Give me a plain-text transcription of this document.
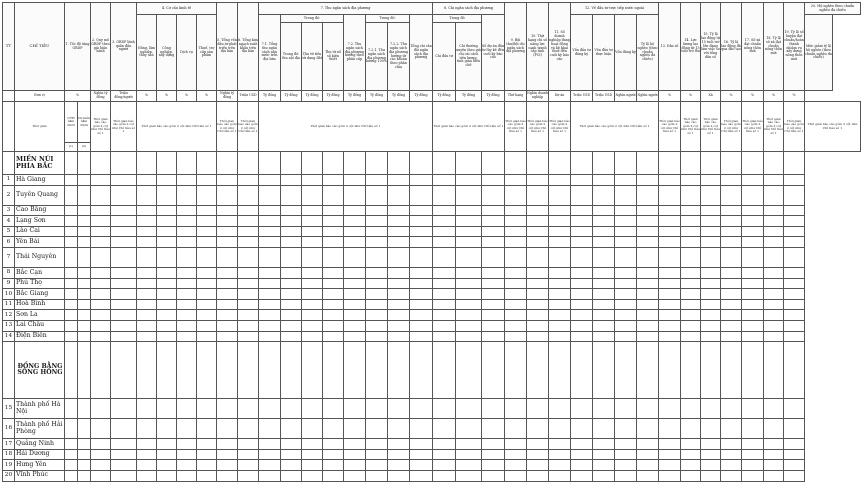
TT	CHỈ TIÊU	1. Tốc độ tăng GRDP		2. Quy mô GRDP theo giá hiện hành	3. GRDP bình quân đầu người	4. Cơ cấu kinh tế				5. Tổng vốn đầu tư phát triển trên địa bàn	6. Tổng kim ngạch xuất khẩu trên địa bàn	7. Thu ngân sách địa phương								8. Chi ngân sách địa phương			9. Bội thu/Bội chi ngân sách địa phương	10. Thứ hạng chỉ số năng lực cạnh tranh cấp tỉnh (PCI)	11. Số doanh nghiệp đang hoạt động và kê khai thuế đến cuối kỳ báo cáo	12. Về đầu tư trực tiếp nước ngoài				13. Dân số	14. Lực lượng lao động từ 15 tuổi trở lên	15. Tỷ lệ lao động từ 15 tuổi trở lên đang làm việc so với tổng dân số	16. Tỷ lệ lao động đã qua đào tạo	17. Số xã đạt chuẩn nông thôn mới	18. Tỷ lệ số xã đạt chuẩn nông thôn mới	19. Tỷ lệ số huyện đạt chuẩn/hoàn thành nhiệm vụ xây dựng nông thôn mới	20. Hộ nghèo theo chuẩn nghèo đa chiều
						Nông, lâm nghiệp, thủy sản	Công nghiệp, xây dựng	Dịch vụ	Thuế, trợ cấp sản phẩm			7.1. Tổng thu ngân sách nhà nước trên địa bàn	Trong đó:			7.2. Thu ngân sách địa phương hưởng theo phân cấp	Trong đó:		Tổng chi cân đối ngân sách địa phương	Trong đó		Số dự án đầu tư lũy kế đến cuối kỳ báo cáo				Vốn đầu tư đăng ký	Vốn đầu tư thực hiện	Vốn đăng ký	Tỷ lệ hộ nghèo (theo chuẩn nghèo đa chiều)								Mức giảm tỷ lệ hộ nghèo (theo chuẩn nghèo đa chiều)
													Trong đó: thu nội địa	Thu từ tiền sử dụng đất	Thu từ xổ số kiến thiết		7.2.1. Thu ngân sách địa phương hưởng 100%	7.2.2. Thu ngân sách địa phương hưởng từ các khoản theo phân chia		Chi đầu tư	Chi thường xuyên theo giá chi cải cách tiền lương, tinh giản biên chế																
	Đơn vị	%		Nghìn tỷ đồng	Triệu đồng/người	%	%	%	%	Nghìn tỷ đồng	Triệu USD	Tỷ đồng	Tỷ đồng	Tỷ đồng	Tỷ đồng	Tỷ đồng	Tỷ đồng	Tỷ đồng	Tỷ đồng	Tỷ đồng	Tỷ đồng	Tỷ đồng	Thứ hạng	Nghìn doanh nghiệp	Dự án	Triệu USD	Triệu USD	Nghìn người	Nghìn người	%	%	Xã	%	%	%	%	
	Thời gian	ƯTH năm 2023	Dự kiến năm 2024	Thời gian báo cáo gồm 2 cột như Chỉ tiêu số 1	Thời gian báo cáo gồm 2 cột như Chỉ tiêu số 1	Thời gian báo cáo gồm 2 cột như Chỉ tiêu số 1				Thời gian báo cáo gồm 2 cột như Chỉ tiêu số 1	Thời gian báo cáo gồm 2 cột như Chỉ tiêu số 1	Thời gian báo cáo gồm 2 cột như Chỉ tiêu số 1								Thời gian báo cáo gồm 2 cột như Chỉ tiêu số 1			Thời gian báo cáo gồm 2 cột như Chỉ tiêu số 1	Thời gian báo cáo gồm 2 cột như Chỉ tiêu số 1	Thời gian báo cáo gồm 2 cột như Chỉ tiêu số 1	Thời gian báo cáo gồm 2 cột như Chỉ tiêu số 1				Thời gian báo cáo gồm 2 cột như Chỉ tiêu số 1	Thời gian báo cáo gồm 2 cột như Chỉ tiêu số 1	Thời gian báo cáo gồm 2 cột như Chỉ tiêu số 1	Thời gian báo cáo gồm 2 cột như Chỉ tiêu số 1	Thời gian báo cáo gồm 2 cột như Chỉ tiêu số 1	Thời gian báo cáo gồm 2 cột như Chỉ tiêu số 1	Thời gian báo cáo gồm 2 cột như Chỉ tiêu số 1	Thời gian báo cáo gồm 2 cột như Chỉ tiêu số 1
		(1)	(2)																																		
	MIỀN NÚI PHÍA BẮC																																				
1	Hà Giang																																				
2	Tuyên Quang																																				
3	Cao Bằng																																				
4	Lạng Sơn																																				
5	Lào Cai																																				
6	Yên Bái																																				
7	Thái Nguyên																																				
8	Bắc Cạn																																				
9	Phú Thọ																																				
10	Bắc Giang																																				
11	Hoà Bình																																				
12	Sơn La																																				
13	Lai Châu																																				
14	Điện Biên																																				
	ĐỒNG BẰNG SÔNG HỒNG																																				
15	Thành phố Hà Nội																																				
16	Thành phố Hải Phòng																																				
17	Quảng Ninh																																				
18	Hải Dương																																				
19	Hưng Yên																																				
20	Vĩnh Phúc																																				
